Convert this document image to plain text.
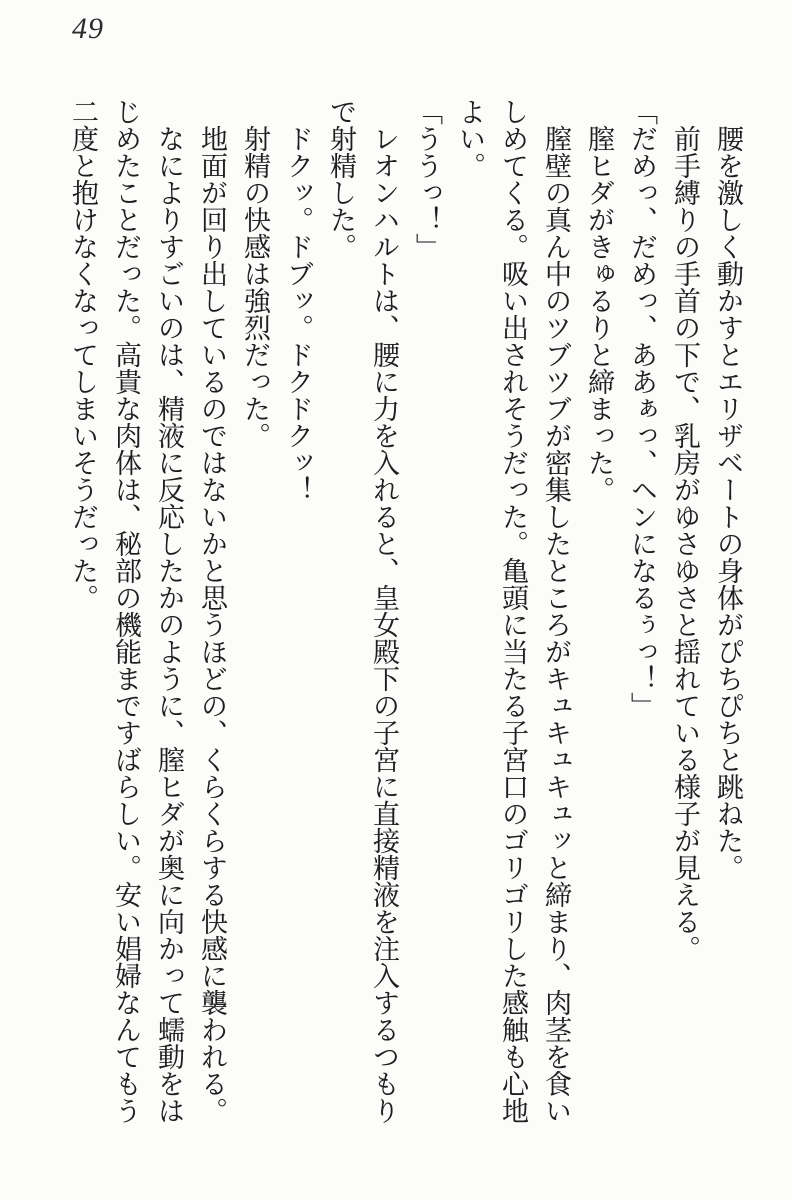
49

腰を激しく動かすとエリザベートの身体がぴちぴちと跳ねた。

前手縛りの手首の下で、乳房がゆさゆさと揺れている様子が見える。

「だめっ、だめっ、ああぁっ、ヘンになるぅっ！」

膣ヒダがきゅるりと締まった。

膣壁の真ん中のツブツブが密集したところがキュキュキュッと締まり、肉茎を食いしめてくる。吸い出されそうだった。亀頭に当たる子宮口のゴリゴリした感触も心地よい。

「ううっ！」

レオンハルトは、腰に力を入れると、皇女殿下の子宮に直接精液を注入するつもりで射精した。

ドクッ。ドブッ。ドクドクッ！

射精の快感は強烈だった。

地面が回り出しているのではないかと思うほどの、くらくらする快感に襲われる。

なによりすごいのは、精液に反応したかのように、膣ヒダが奥に向かって蠕動をはじめたことだった。高貴な肉体は、秘部の機能まですばらしい。安い娼婦なんてもう二度と抱けなくなってしまいそうだった。
